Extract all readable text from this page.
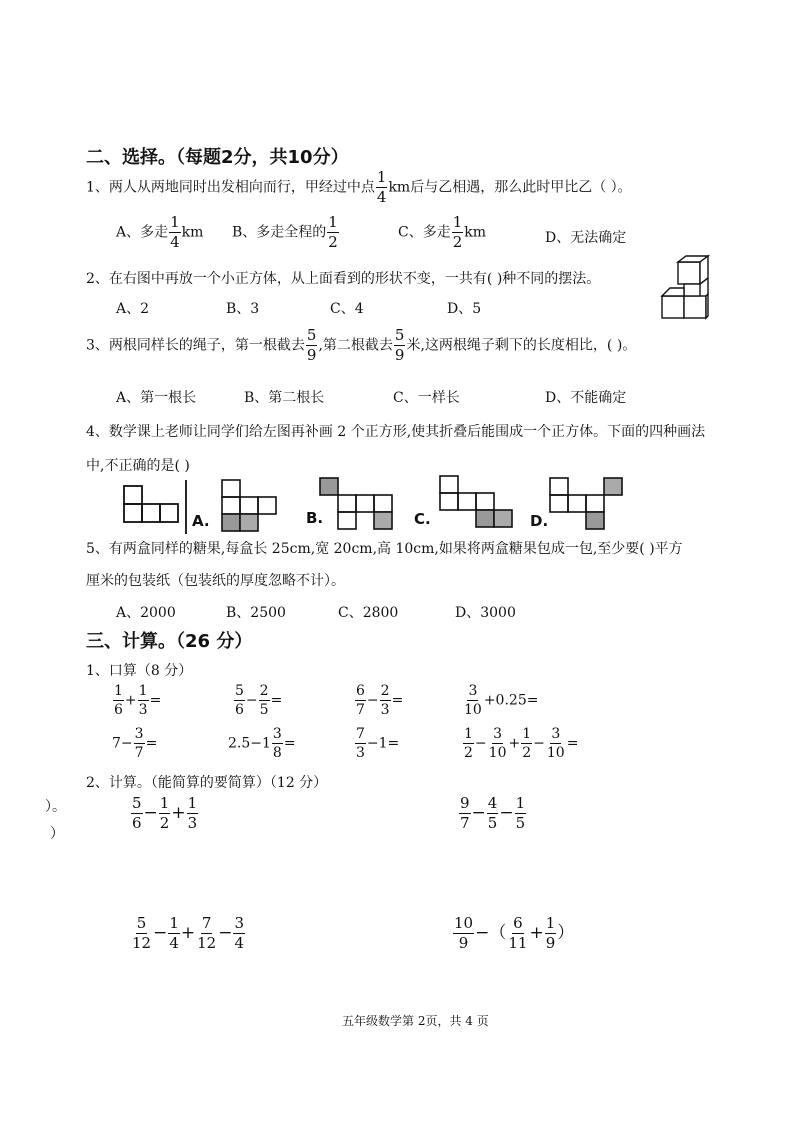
二、选择。（每题2分，共10分）
1、两人从两地同时出发相向而行，甲经过中点 $\frac{1}{4}$ km后与乙相遇，那么此时甲比乙（ ）。
A、多走 $\frac{1}{4}$ km B、多走全程的 $\frac{1}{2}$	C、多走 $\frac{1}{2}$ km	D、无法确定
2、在右图中再放一个小正方体，从上面看到的形状不变，一共有( )种不同的摆法。
A、2	B、3	C、4	D、5
3、两根同样长的绳子，第一根截去 $\frac{5}{9}$ ,第二根截去 $\frac{5}{9}$ 米,这两根绳子剩下的长度相比，( )。
A、第一根长	B、第二根长	C、一样长	D、不能确定
4、数学课上老师让同学们给左图再补画 2 个正方形,使其折叠后能围成一个正方体。下面的四种画法
中,不正确的是( )
A.	B.	C.	D.
5、有两盒同样的糖果,每盒长 25cm,宽 20cm,高 10cm,如果将两盒糖果包成一包,至少要( )平方
厘米的包装纸（包装纸的厚度忽略不计）。
A、2000	B、2500	C、2800	D、3000
三、计算。（26 分）
1、口算（8 分）
$\frac{1}{6} + \frac{1}{3}$ =	$\frac{5}{6} - \frac{2}{5}$ =	$\frac{6}{7} - \frac{2}{3}$ =	$\frac{3}{10} +0.25=$
$7- \frac{3}{7}$ =	$2.5-1 \frac{3}{8}$ =	$\frac{7}{3} -1=$	$\frac{1}{2} - \frac{3}{10} + \frac{1}{2} - \frac{3}{10}$ =
2、计算。（能简算的要简算）（12 分）
）。
）
$\frac{5}{6} - \frac{1}{2} + \frac{1}{3}$	$\frac{9}{7} - \frac{4}{5} - \frac{1}{5}$
$\frac{5}{12} - \frac{1}{4} + \frac{7}{12} - \frac{3}{4}$	$\frac{10}{9}$ −（ $\frac{6}{11} + \frac{1}{9}$ ）
五年级数学第 2页，共 4 页
